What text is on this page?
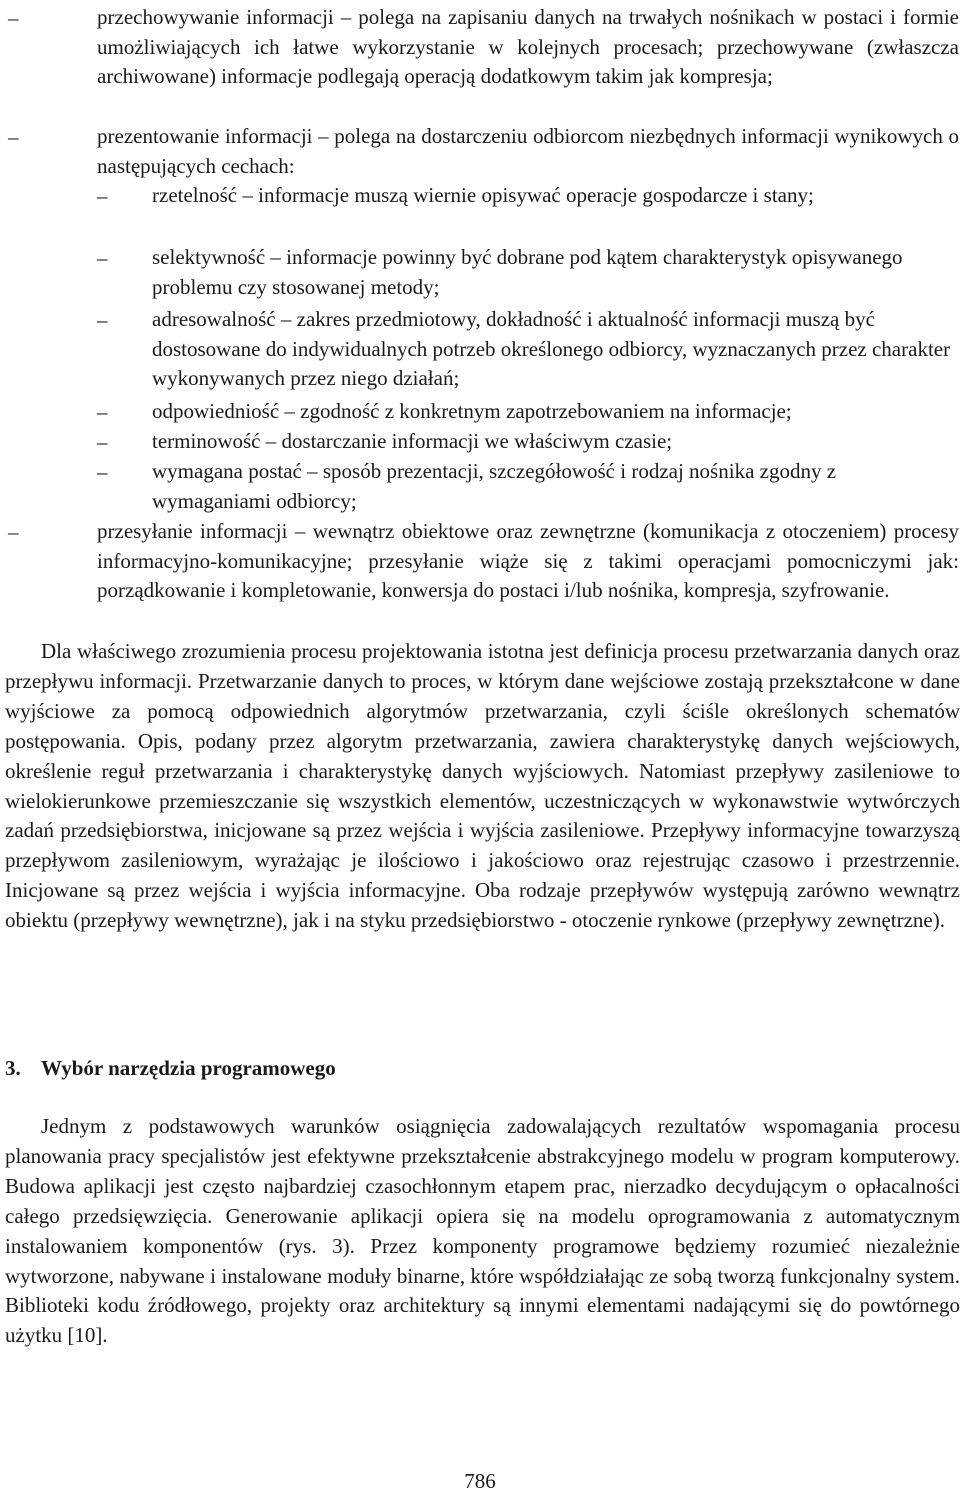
–	przechowywanie informacji – polega na zapisaniu danych na trwałych nośnikach w postaci i formie umożliwiających ich łatwe wykorzystanie w kolejnych procesach; przechowywane (zwłaszcza archiwowane) informacje podlegają operacją dodatkowym takim jak kompresja;

–	prezentowanie informacji – polega na dostarczeniu odbiorcom niezbędnych informacji wynikowych o następujących cechach:

– rzetelność – informacje muszą wiernie opisywać operacje gospodarcze i stany;

– selektywność – informacje powinny być dobrane pod kątem charakterystyk opisywanego problemu czy stosowanej metody;

– adresowalność – zakres przedmiotowy, dokładność i aktualność informacji muszą być dostosowane do indywidualnych potrzeb określonego odbiorcy, wyznaczanych przez charakter wykonywanych przez niego działań;

– odpowiedniość – zgodność z konkretnym zapotrzebowaniem na informacje;

– terminowość – dostarczanie informacji we właściwym czasie;

– wymagana postać – sposób prezentacji, szczegółowość i rodzaj nośnika zgodny z wymaganiami odbiorcy;

–	przesyłanie informacji – wewnątrz obiektowe oraz zewnętrzne (komunikacja z otoczeniem) procesy informacyjno-komunikacyjne; przesyłanie wiąże się z takimi operacjami pomocniczymi jak: porządkowanie i kompletowanie, konwersja do postaci i/lub nośnika, kompresja, szyfrowanie.

Dla właściwego zrozumienia procesu projektowania istotna jest definicja procesu przetwarzania danych oraz przepływu informacji. Przetwarzanie danych to proces, w którym dane wejściowe zostają przekształcone w dane wyjściowe za pomocą odpowiednich algorytmów przetwarzania, czyli ściśle określonych schematów postępowania. Opis, podany przez algorytm przetwarzania, zawiera charakterystykę danych wejściowych, określenie reguł przetwarzania i charakterystykę danych wyjściowych. Natomiast przepływy zasileniowe to wielokierunkowe przemieszczanie się wszystkich elementów, uczestniczących w wykonawstwie wytwórczych zadań przedsiębiorstwa, inicjowane są przez wejścia i wyjścia zasileniowe. Przepływy informacyjne towarzyszą przepływom zasileniowym, wyrażając je ilościowo i jakościowo oraz rejestrując czasowo i przestrzennie. Inicjowane są przez wejścia i wyjścia informacyjne. Oba rodzaje przepływów występują zarówno wewnątrz obiektu (przepływy wewnętrzne), jak i na styku przedsiębiorstwo - otoczenie rynkowe (przepływy zewnętrzne).

3. Wybór narzędzia programowego

Jednym z podstawowych warunków osiągnięcia zadowalających rezultatów wspomagania procesu planowania pracy specjalistów jest efektywne przekształcenie abstrakcyjnego modelu w program komputerowy. Budowa aplikacji jest często najbardziej czasochłonnym etapem prac, nierzadko decydującym o opłacalności całego przedsięwzięcia. Generowanie aplikacji opiera się na modelu oprogramowania z automatycznym instalowaniem komponentów (rys. 3). Przez komponenty programowe będziemy rozumieć niezależnie wytworzone, nabywane i instalowane moduły binarne, które współdziałając ze sobą tworzą funkcjonalny system. Biblioteki kodu źródłowego, projekty oraz architektury są innymi elementami nadającymi się do powtórnego użytku [10].

786
